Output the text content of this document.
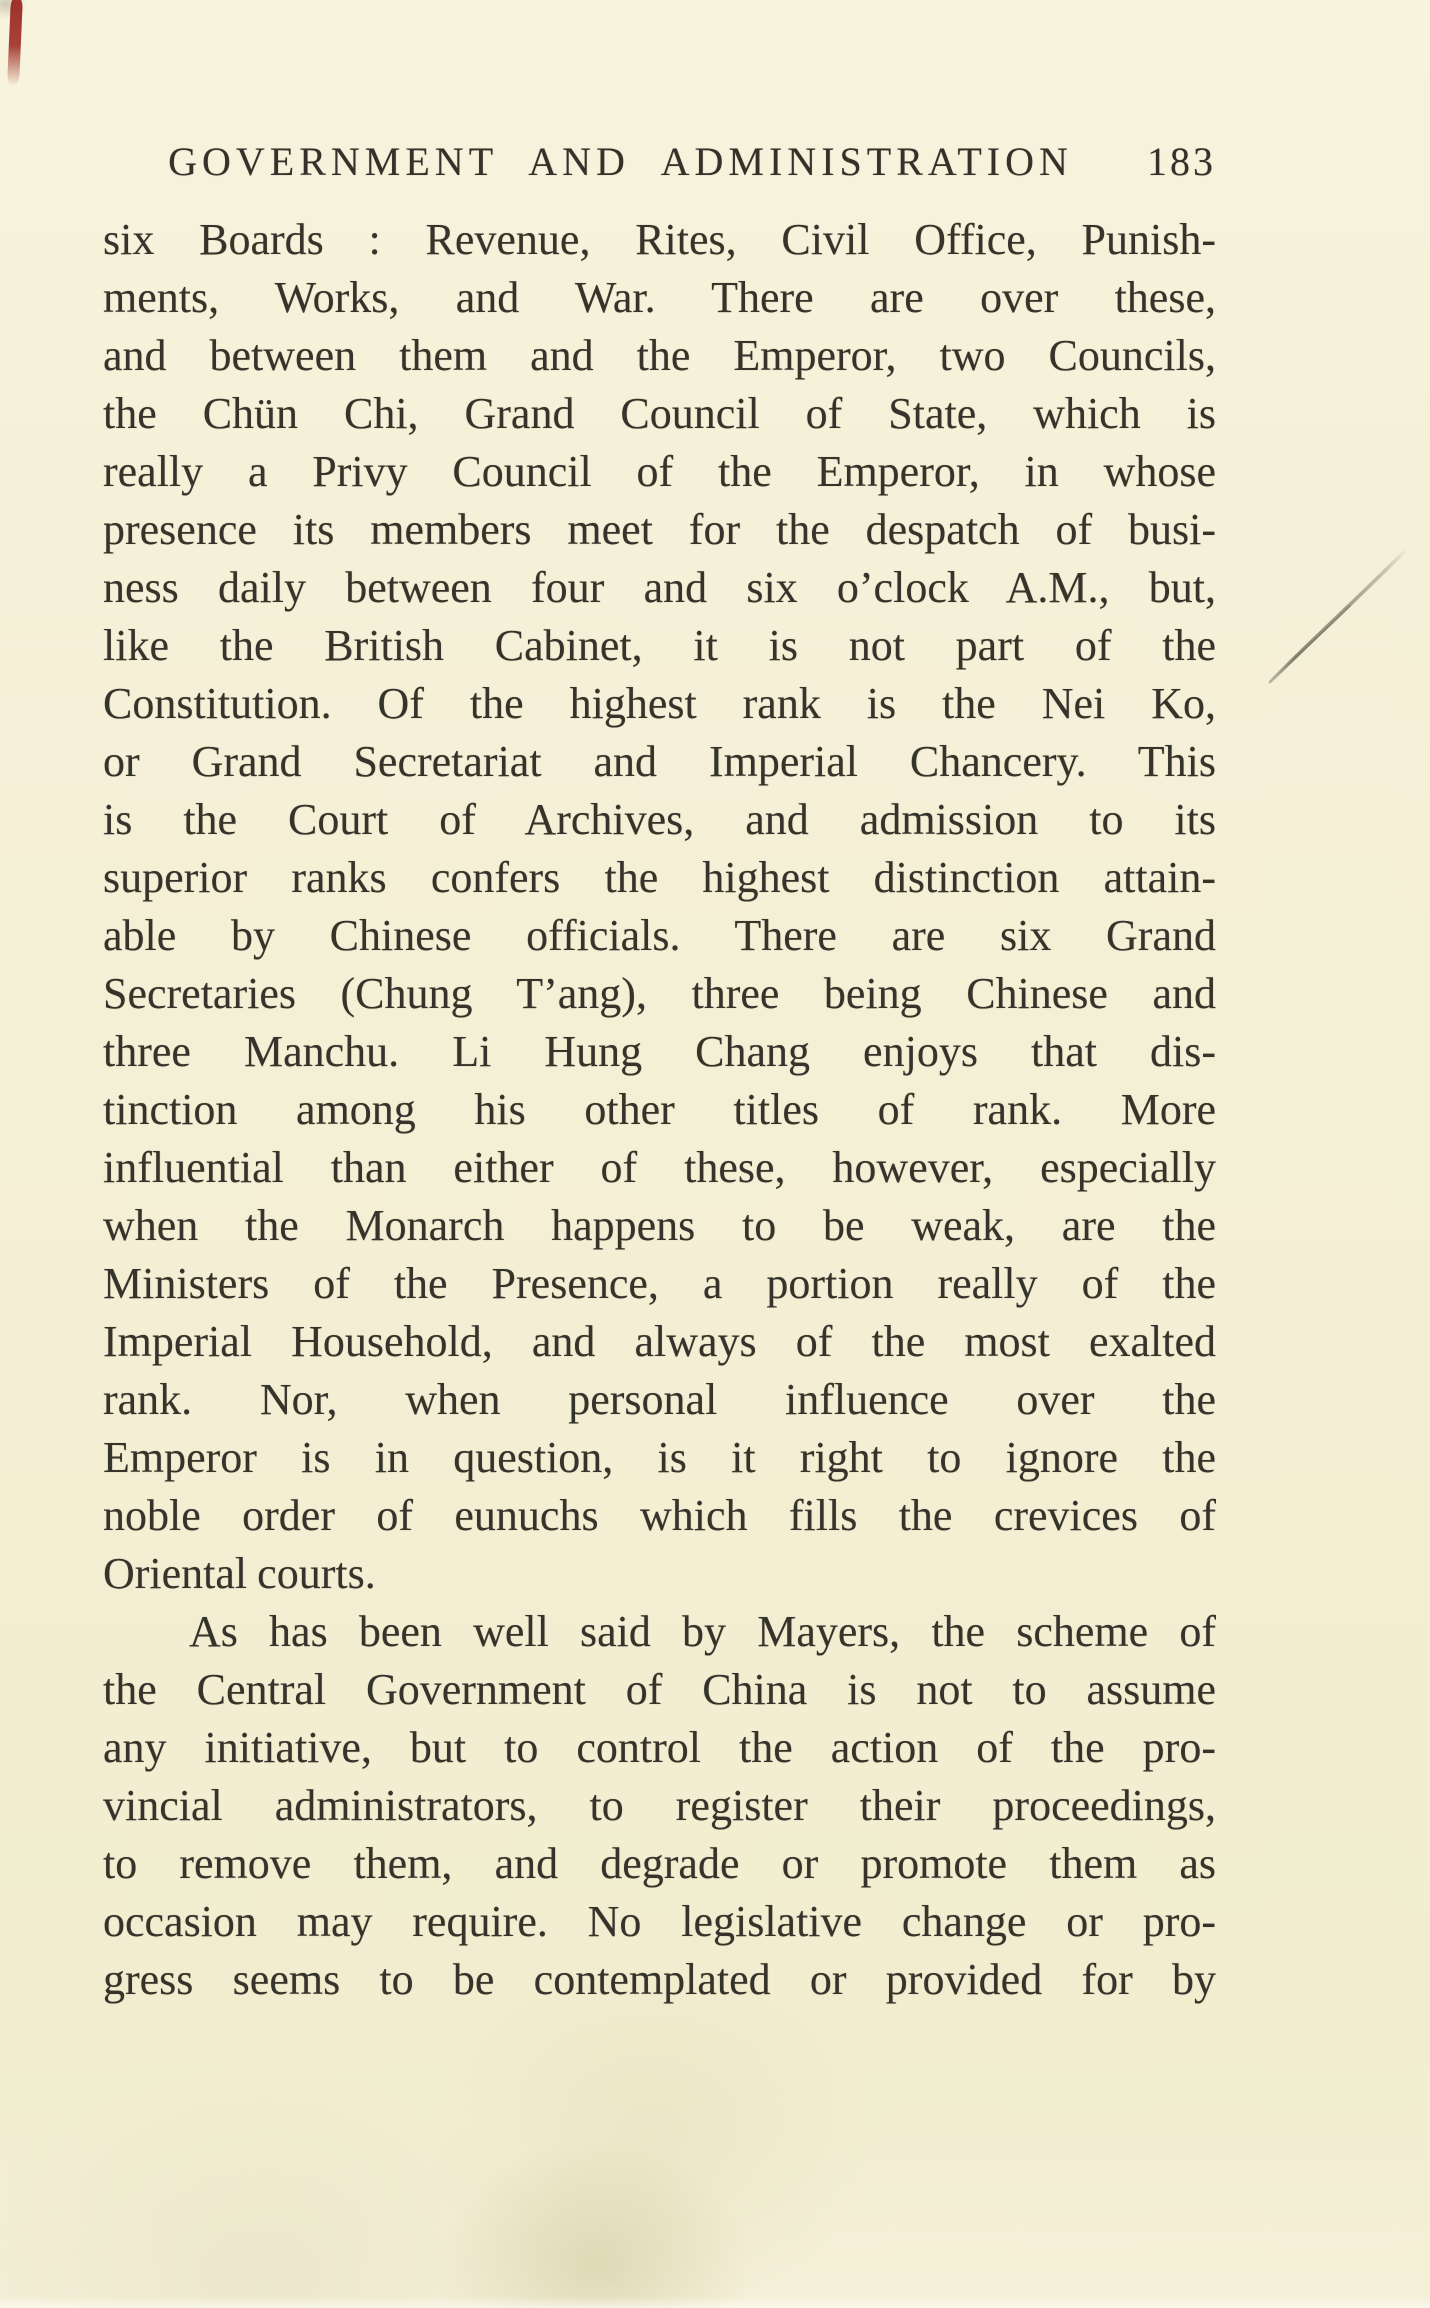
GOVERNMENT AND ADMINISTRATION	183
six Boards : Revenue, Rites, Civil Office, Punish-
ments, Works, and War. There are over these,
and between them and the Emperor, two Councils,
the Chün Chi, Grand Council of State, which is
really a Privy Council of the Emperor, in whose
presence its members meet for the despatch of busi-
ness daily between four and six o’clock A.M., but,
like the British Cabinet, it is not part of the
Constitution. Of the highest rank is the Nei Ko,
or Grand Secretariat and Imperial Chancery. This
is the Court of Archives, and admission to its
superior ranks confers the highest distinction attain-
able by Chinese officials. There are six Grand
Secretaries (Chung T’ang), three being Chinese and
three Manchu. Li Hung Chang enjoys that dis-
tinction among his other titles of rank. More
influential than either of these, however, especially
when the Monarch happens to be weak, are the
Ministers of the Presence, a portion really of the
Imperial Household, and always of the most exalted
rank. Nor, when personal influence over the
Emperor is in question, is it right to ignore the
noble order of eunuchs which fills the crevices of
Oriental courts.
As has been well said by Mayers, the scheme of
the Central Government of China is not to assume
any initiative, but to control the action of the pro-
vincial administrators, to register their proceedings,
to remove them, and degrade or promote them as
occasion may require. No legislative change or pro-
gress seems to be contemplated or provided for by
